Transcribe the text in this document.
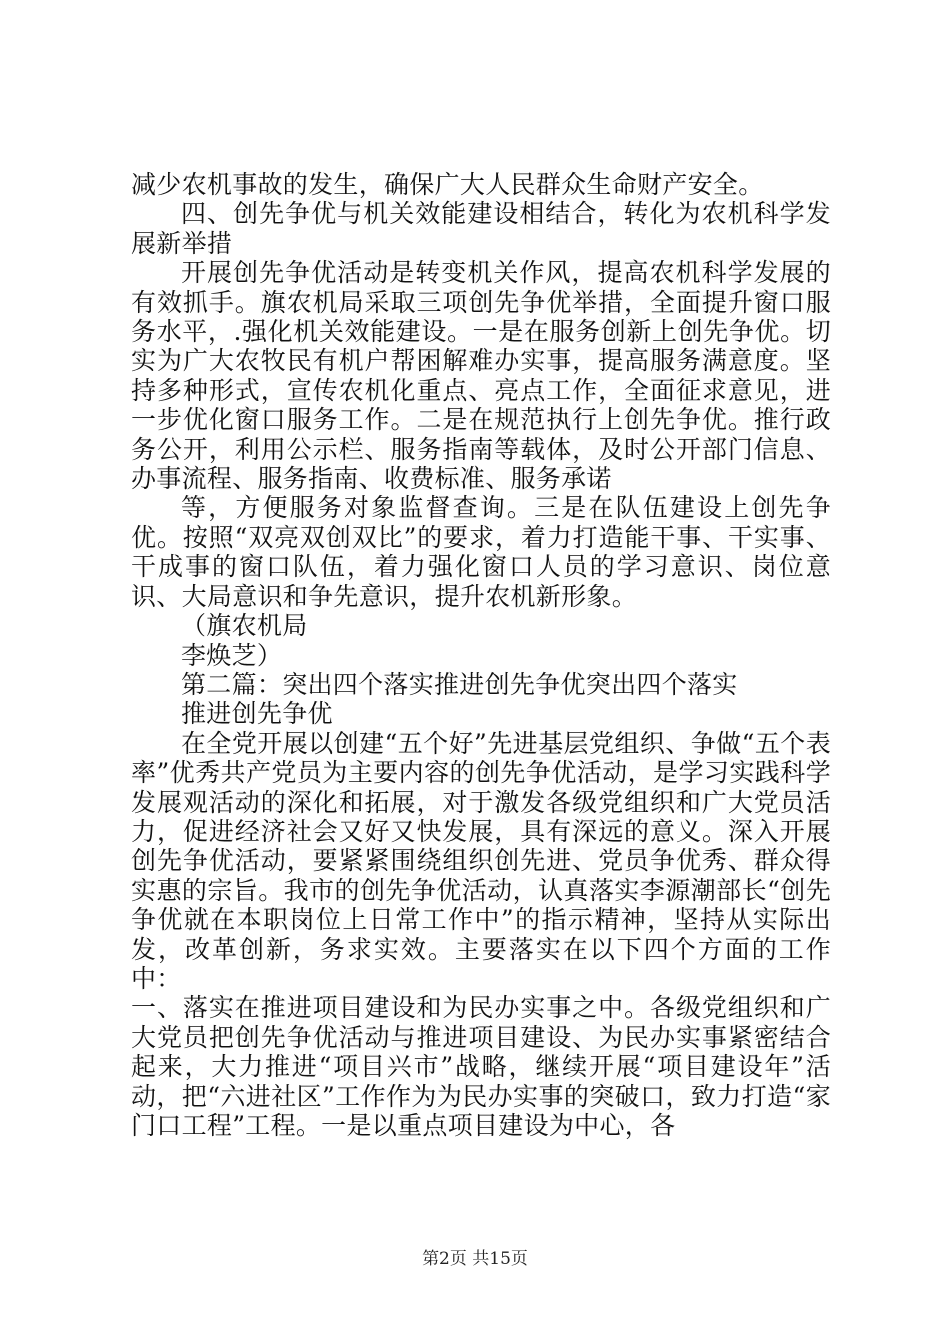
减少农机事故的发生，确保广大人民群众生命财产安全。

四、创先争优与机关效能建设相结合，转化为农机科学发展新举措

开展创先争优活动是转变机关作风，提高农机科学发展的有效抓手。旗农机局采取三项创先争优举措，全面提升窗口服务水平，.强化机关效能建设。一是在服务创新上创先争优。切实为广大农牧民有机户帮困解难办实事，提高服务满意度。坚持多种形式，宣传农机化重点、亮点工作，全面征求意见，进一步优化窗口服务工作。二是在规范执行上创先争优。推行政务公开，利用公示栏、服务指南等载体，及时公开部门信息、办事流程、服务指南、收费标准、服务承诺

等，方便服务对象监督查询。三是在队伍建设上创先争优。按照“双亮双创双比”的要求，着力打造能干事、干实事、干成事的窗口队伍，着力强化窗口人员的学习意识、岗位意识、大局意识和争先意识，提升农机新形象。

（旗农机局

李焕芝）

第二篇：突出四个落实推进创先争优突出四个落实

推进创先争优

在全党开展以创建“五个好”先进基层党组织、争做“五个表率”优秀共产党员为主要内容的创先争优活动，是学习实践科学发展观活动的深化和拓展，对于激发各级党组织和广大党员活力，促进经济社会又好又快发展，具有深远的意义。深入开展创先争优活动，要紧紧围绕组织创先进、党员争优秀、群众得实惠的宗旨。我市的创先争优活动，认真落实李源潮部长“创先争优就在本职岗位上日常工作中”的指示精神，坚持从实际出发，改革创新，务求实效。主要落实在以下四个方面的工作中：

一、落实在推进项目建设和为民办实事之中。各级党组织和广大党员把创先争优活动与推进项目建设、为民办实事紧密结合起来，大力推进“项目兴市”战略，继续开展“项目建设年”活动，把“六进社区”工作作为为民办实事的突破口，致力打造“家门口工程”工程。一是以重点项目建设为中心，各

第2页 共15页
